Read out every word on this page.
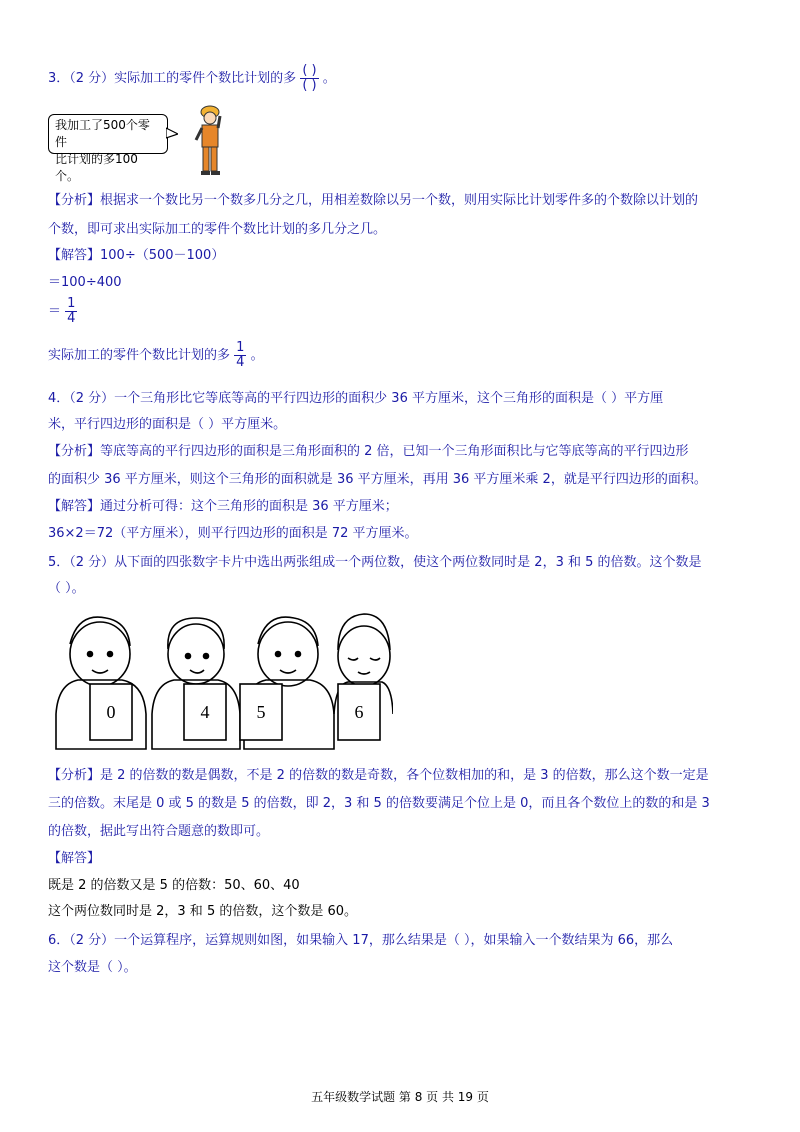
3．（2 分）实际加工的零件个数比计划的多 $\frac{( )}{( )}$ 。
我加工了500个零件
比计划的多100个。
【分析】根据求一个数比另一个数多几分之几，用相差数除以另一个数，则用实际比计划零件多的个数除以计划的
个数，即可求出实际加工的零件个数比计划的多几分之几。
【解答】100÷（500－100）
＝100÷400
＝ $\frac{1}{4}$
实际加工的零件个数比计划的多 $\frac{1}{4}$ 。
4．（2 分）一个三角形比它等底等高的平行四边形的面积少 36 平方厘米，这个三角形的面积是（ ）平方厘
米，平行四边形的面积是（ ）平方厘米。
【分析】等底等高的平行四边形的面积是三角形面积的 2 倍，已知一个三角形面积比与它等底等高的平行四边形
的面积少 36 平方厘米，则这个三角形的面积就是 36 平方厘米，再用 36 平方厘米乘 2，就是平行四边形的面积。
【解答】通过分析可得：这个三角形的面积是 36 平方厘米；
36×2＝72（平方厘米），则平行四边形的面积是 72 平方厘米。
5．（2 分）从下面的四张数字卡片中选出两张组成一个两位数，使这个两位数同时是 2，3 和 5 的倍数。这个数是
（ ）。
0	4	5	6
【分析】是 2 的倍数的数是偶数，不是 2 的倍数的数是奇数，各个位数相加的和，是 3 的倍数，那么这个数一定是
三的倍数。末尾是 0 或 5 的数是 5 的倍数，即 2，3 和 5 的倍数要满足个位上是 0，而且各个数位上的数的和是 3
的倍数，据此写出符合题意的数即可。
【解答】
既是 2 的倍数又是 5 的倍数：50、60、40
这个两位数同时是 2，3 和 5 的倍数，这个数是 60。
6．（2 分）一个运算程序，运算规则如图，如果输入 17，那么结果是（ ），如果输入一个数结果为 66，那么
这个数是（ ）。
五年级数学试题 第 8 页 共 19 页
